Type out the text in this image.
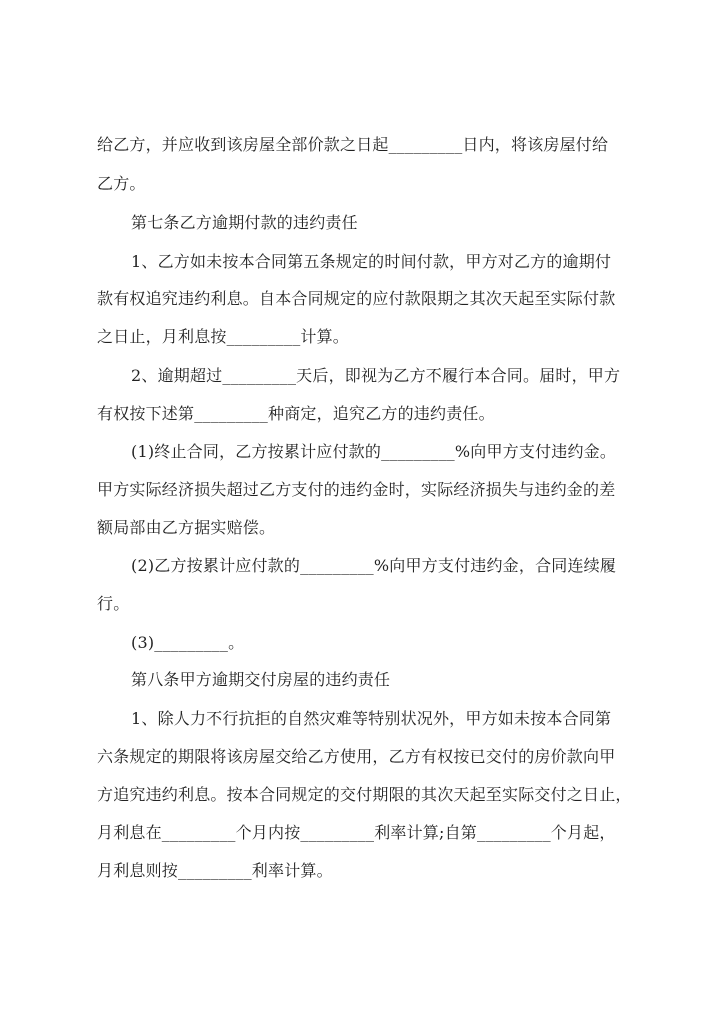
给乙方，并应收到该房屋全部价款之日起_________日内，将该房屋付给
乙方。
第七条乙方逾期付款的违约责任
1、乙方如未按本合同第五条规定的时间付款，甲方对乙方的逾期付
款有权追究违约利息。自本合同规定的应付款限期之其次天起至实际付款
之日止，月利息按_________计算。
2、逾期超过_________天后，即视为乙方不履行本合同。届时，甲方
有权按下述第_________种商定，追究乙方的违约责任。
(1)终止合同，乙方按累计应付款的_________%向甲方支付违约金。
甲方实际经济损失超过乙方支付的违约金时，实际经济损失与违约金的差
额局部由乙方据实赔偿。
(2)乙方按累计应付款的_________%向甲方支付违约金，合同连续履
行。
(3)_________。
第八条甲方逾期交付房屋的违约责任
1、除人力不行抗拒的自然灾难等特别状况外，甲方如未按本合同第
六条规定的期限将该房屋交给乙方使用，乙方有权按已交付的房价款向甲
方追究违约利息。按本合同规定的交付期限的其次天起至实际交付之日止，
月利息在_________个月内按_________利率计算;自第_________个月起，
月利息则按_________利率计算。
